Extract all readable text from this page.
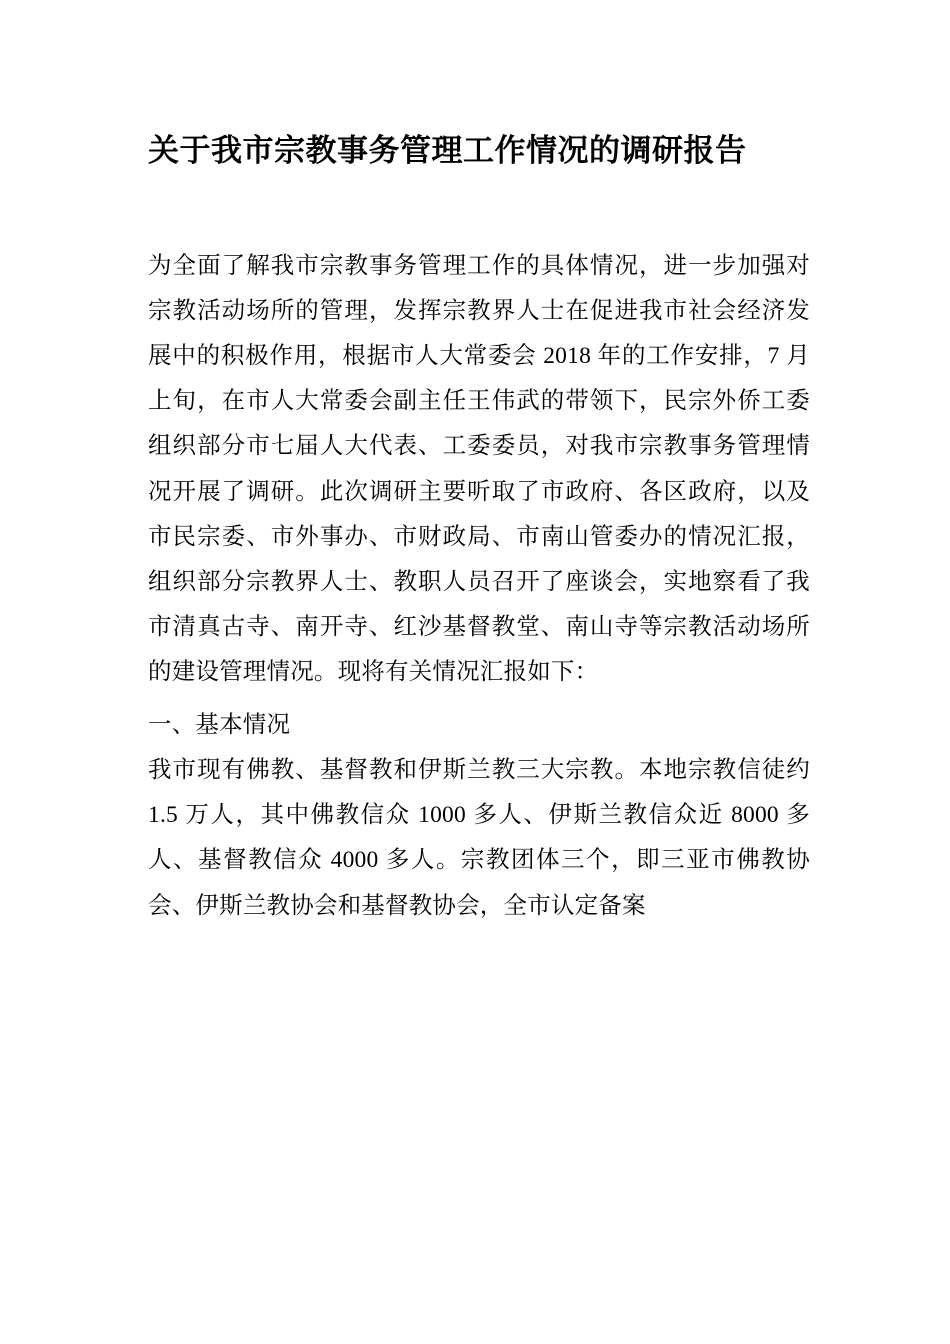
关于我市宗教事务管理工作情况的调研报告

为全面了解我市宗教事务管理工作的具体情况，进一步加强对宗教活动场所的管理，发挥宗教界人士在促进我市社会经济发展中的积极作用，根据市人大常委会 2018 年的工作安排，7 月上旬，在市人大常委会副主任王伟武的带领下，民宗外侨工委组织部分市七届人大代表、工委委员，对我市宗教事务管理情况开展了调研。此次调研主要听取了市政府、各区政府，以及市民宗委、市外事办、市财政局、市南山管委办的情况汇报，组织部分宗教界人士、教职人员召开了座谈会，实地察看了我市清真古寺、南开寺、红沙基督教堂、南山寺等宗教活动场所的建设管理情况。现将有关情况汇报如下：

一、基本情况

我市现有佛教、基督教和伊斯兰教三大宗教。本地宗教信徒约 1.5 万人，其中佛教信众 1000 多人、伊斯兰教信众近 8000 多人、基督教信众 4000 多人。宗教团体三个，即三亚市佛教协会、伊斯兰教协会和基督教协会，全市认定备案
